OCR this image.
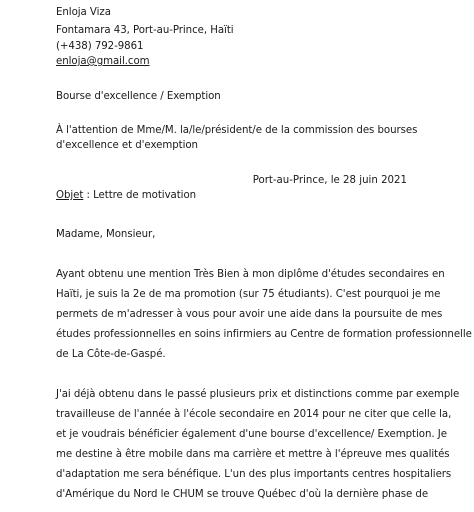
Enloja Viza
Fontamara 43, Port-au-Prince, Haïti
(+438) 792-9861
enloja@gmail.com
Bourse d'excellence / Exemption
À l'attention de Mme/M. la/le/président/e de la commission des bourses
d'excellence et d'exemption
Port-au-Prince, le 28 juin 2021
Objet : Lettre de motivation
Madame, Monsieur,
Ayant obtenu une mention Très Bien à mon diplôme d'études secondaires en
Haïti, je suis la 2e de ma promotion (sur 75 étudiants). C'est pourquoi je me
permets de m'adresser à vous pour avoir une aide dans la poursuite de mes
études professionnelles en soins infirmiers au Centre de formation professionnelle
de La Côte-de-Gaspé.
J'ai déjà obtenu dans le passé plusieurs prix et distinctions comme par exemple
travailleuse de l'année à l'école secondaire en 2014 pour ne citer que celle la,
et je voudrais bénéficier également d'une bourse d'excellence/ Exemption. Je
me destine à être mobile dans ma carrière et mettre à l'épreuve mes qualités
d'adaptation me sera bénéfique. L'un des plus importants centres hospitaliers
d'Amérique du Nord le CHUM se trouve Québec d'où la dernière phase de
